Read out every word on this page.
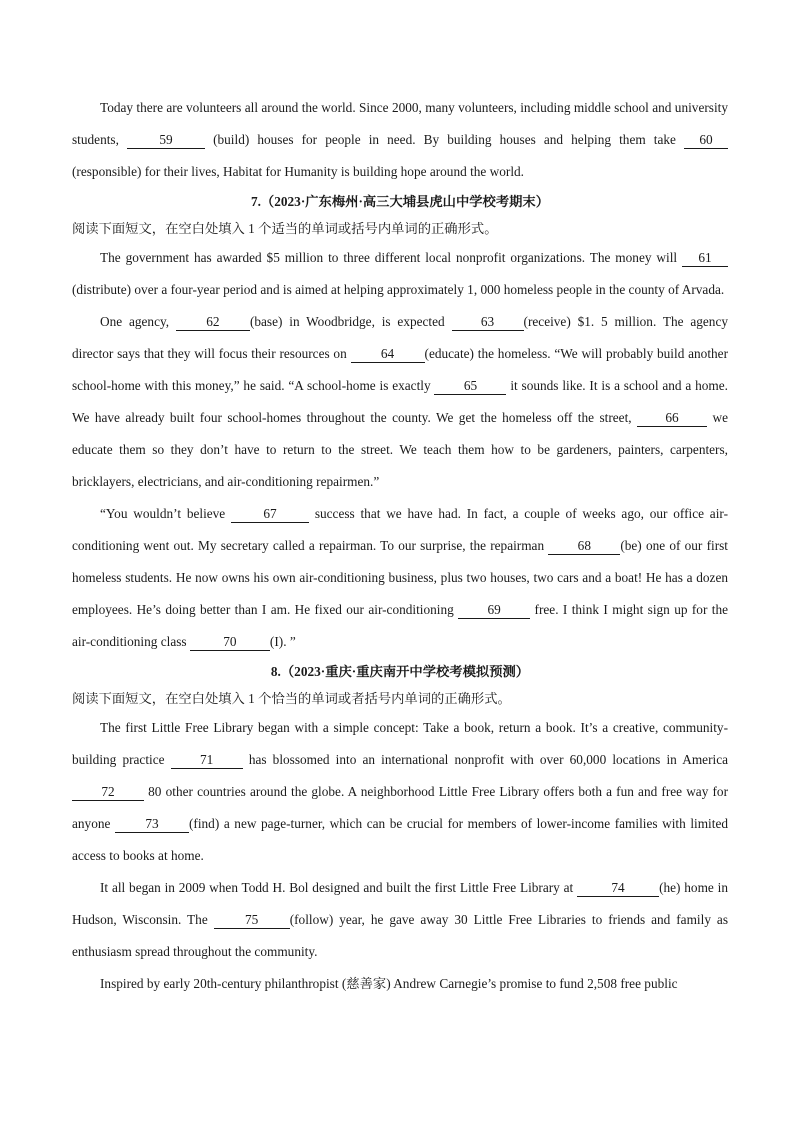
Today there are volunteers all around the world. Since 2000, many volunteers, including middle school and university students,	59	(build) houses for people in need. By building houses and helping them take 60 (responsible) for their lives, Habitat for Humanity is building hope around the world.

7.（2023·广东梅州·高三大埔县虎山中学校考期末）
阅读下面短文，在空白处填入 1 个适当的单词或括号内单词的正确形式。

The government has awarded $5 million to three different local nonprofit organizations. The money will 61 (distribute) over a four-year period and is aimed at helping approximately 1, 000 homeless people in the county of Arvada.

One agency,	62 (base) in Woodbridge, is expected	63 (receive) $1. 5 million. The agency director says that they will focus their resources on	64 (educate) the homeless. “We will probably build another school-home with this money,” he said. “A school-home is exactly 65 it sounds like. It is a school and a home. We have already built four school-homes throughout the county. We get the homeless off the street,	66	we educate them so they don’t have to return to the street. We teach them how to be gardeners, painters, carpenters, bricklayers, electricians, and air-conditioning repairmen.”

“You wouldn’t believe	67	success that we have had. In fact, a couple of weeks ago, our office air-conditioning went out. My secretary called a repairman. To our surprise, the repairman	68 (be) one of our first homeless students. He now owns his own air-conditioning business, plus two houses, two cars and a boat! He has a dozen employees. He’s doing better than I am. He fixed our air-conditioning	69	free. I think I might sign up for the air-conditioning class	70	(I). ”

8.（2023·重庆·重庆南开中学校考模拟预测）
阅读下面短文，在空白处填入 1 个恰当的单词或者括号内单词的正确形式。

The first Little Free Library began with a simple concept: Take a book, return a book. It’s a creative, community-building practice	71	has blossomed into an international nonprofit with over 60,000 locations in America 72	80 other countries around the globe. A neighborhood Little Free Library offers both a fun and free way for anyone	73 (find) a new page-turner, which can be crucial for members of lower-income families with limited access to books at home.

It all began in 2009 when Todd H. Bol designed and built the first Little Free Library at	74	(he) home in Hudson, Wisconsin. The	75 (follow) year, he gave away 30 Little Free Libraries to friends and family as enthusiasm spread throughout the community.

Inspired by early 20th-century philanthropist (慈善家) Andrew Carnegie’s promise to fund 2,508 free public
